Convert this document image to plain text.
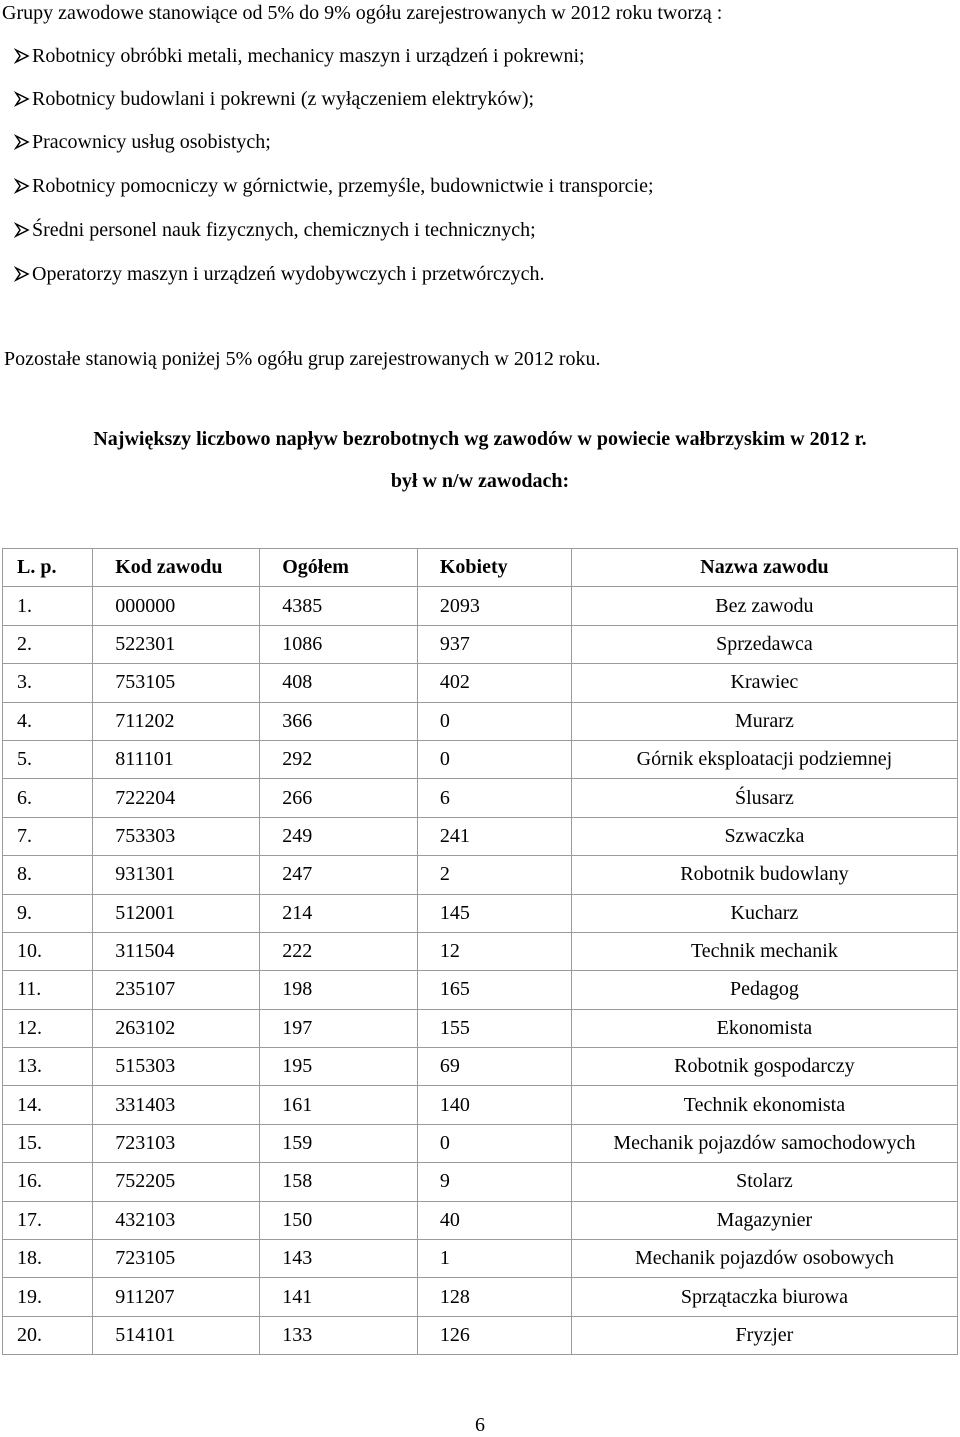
Grupy zawodowe stanowiące od 5% do 9% ogółu zarejestrowanych w 2012 roku tworzą :
Robotnicy obróbki metali, mechanicy maszyn i urządzeń i pokrewni;
Robotnicy budowlani i pokrewni (z wyłączeniem elektryków);
Pracownicy usług osobistych;
Robotnicy pomocniczy w górnictwie, przemyśle, budownictwie i transporcie;
Średni personel nauk fizycznych, chemicznych i technicznych;
Operatorzy maszyn i urządzeń wydobywczych i przetwórczych.
Pozostałe stanowią poniżej 5% ogółu grup zarejestrowanych w 2012 roku.
Największy liczbowo napływ bezrobotnych wg zawodów w powiecie wałbrzyskim w 2012 r.
był w n/w zawodach:
L. p.	Kod zawodu	Ogółem	Kobiety	Nazwa zawodu
1.	000000	4385	2093	Bez zawodu
2.	522301	1086	937	Sprzedawca
3.	753105	408	402	Krawiec
4.	711202	366	0	Murarz
5.	811101	292	0	Górnik eksploatacji podziemnej
6.	722204	266	6	Ślusarz
7.	753303	249	241	Szwaczka
8.	931301	247	2	Robotnik budowlany
9.	512001	214	145	Kucharz
10.	311504	222	12	Technik mechanik
11.	235107	198	165	Pedagog
12.	263102	197	155	Ekonomista
13.	515303	195	69	Robotnik gospodarczy
14.	331403	161	140	Technik ekonomista
15.	723103	159	0	Mechanik pojazdów samochodowych
16.	752205	158	9	Stolarz
17.	432103	150	40	Magazynier
18.	723105	143	1	Mechanik pojazdów osobowych
19.	911207	141	128	Sprzątaczka biurowa
20.	514101	133	126	Fryzjer
6
